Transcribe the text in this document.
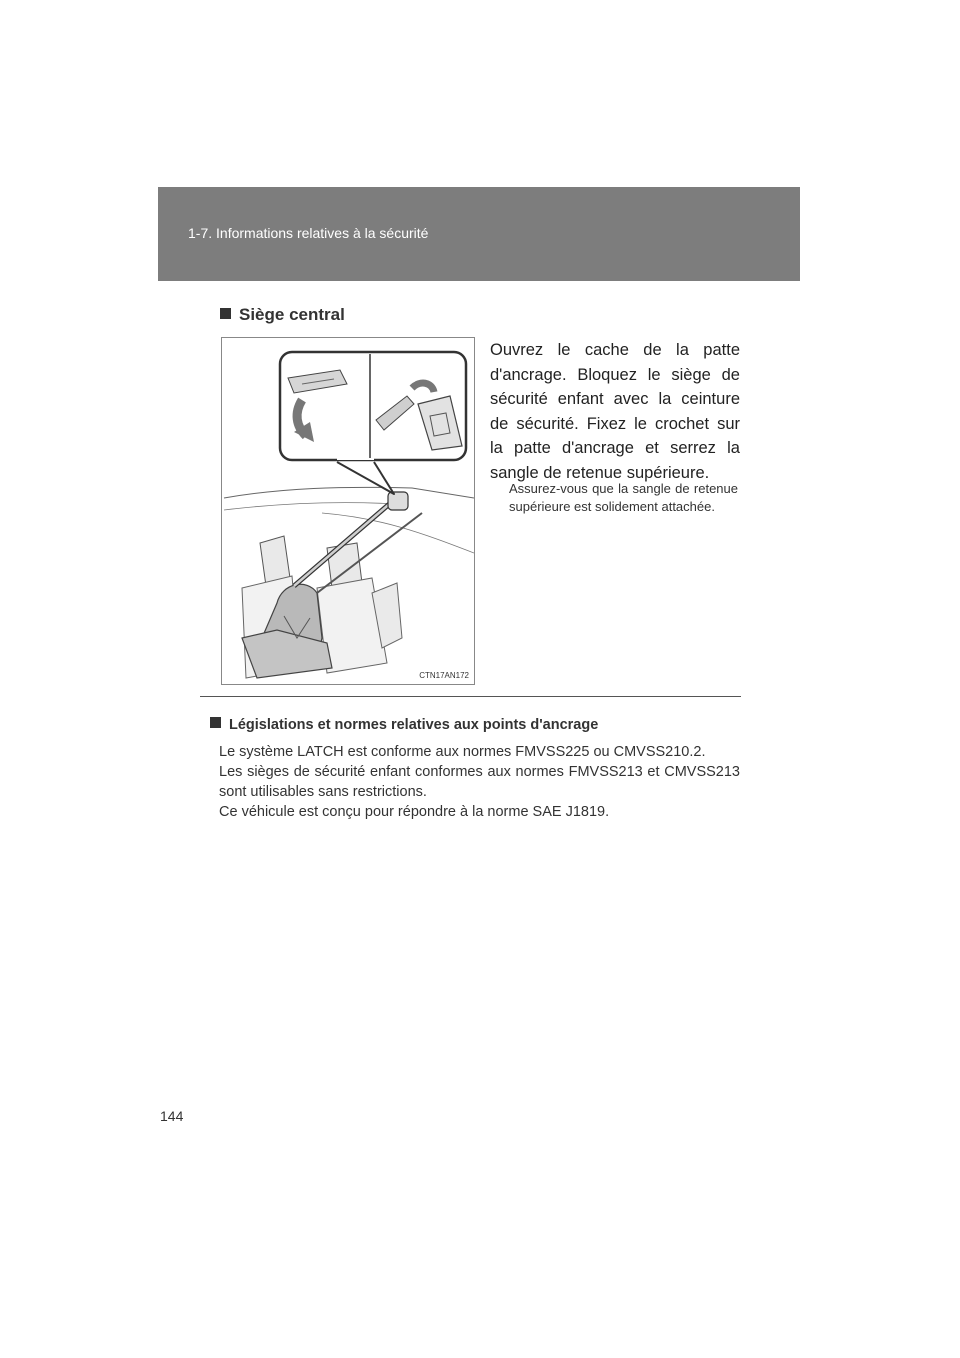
1-7. Informations relatives à la sécurité
Siège central
CTN17AN172
Ouvrez le cache de la patte d'ancrage. Bloquez le siège de sécurité enfant avec la ceinture de sécurité. Fixez le crochet sur la patte d'ancrage et serrez la sangle de retenue supérieure.
Assurez-vous que la sangle de retenue supérieure est solidement attachée.
Législations et normes relatives aux points d'ancrage

Le système LATCH est conforme aux normes FMVSS225 ou CMVSS210.2.

Les sièges de sécurité enfant conformes aux normes FMVSS213 et CMVSS213 sont utilisables sans restrictions.

Ce véhicule est conçu pour répondre à la norme SAE J1819.

144
